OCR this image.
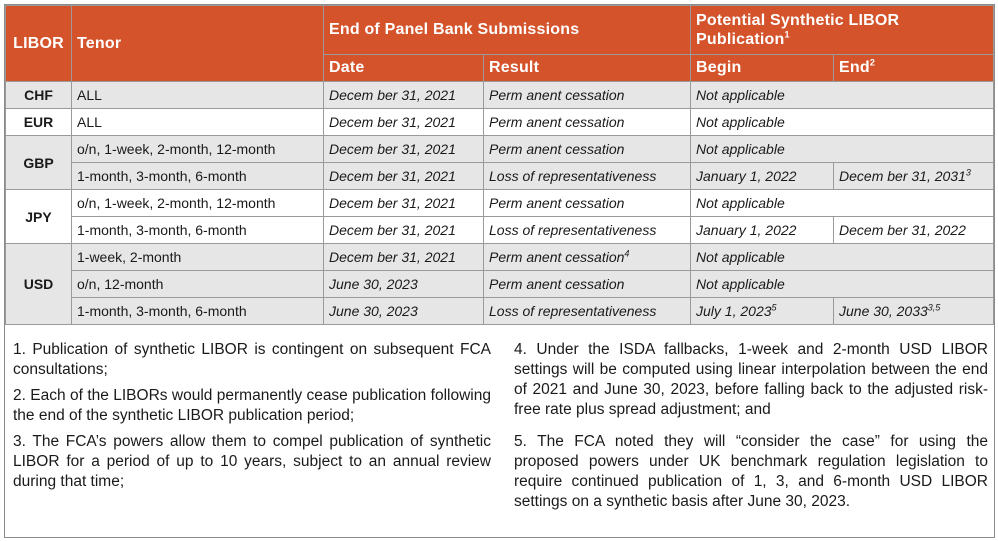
LIBOR	Tenor	End of Panel Bank Submissions		Potential Synthetic LIBOR Publication$^1$
		Date	Result	Begin	End$^2$
CHF	ALL	Decem ber 31, 2021	Perm anent cessation	Not applicable	
EUR	ALL	Decem ber 31, 2021	Perm anent cessation	Not applicable	
GBP	o/n, 1-week, 2-month, 12-month	Decem ber 31, 2021	Perm anent cessation	Not applicable	
	1-month, 3-month, 6-month	Decem ber 31, 2021	Loss of representativeness	January 1, 2022	Decem ber 31, 2031$^3$
JPY	o/n, 1-week, 2-month, 12-month	Decem ber 31, 2021	Perm anent cessation	Not applicable	
	1-month, 3-month, 6-month	Decem ber 31, 2021	Loss of representativeness	January 1, 2022	Decem ber 31, 2022
USD	1-week, 2-month	Decem ber 31, 2021	Perm anent cessation$^4$	Not applicable	
	o/n, 12-month	June 30, 2023	Perm anent cessation	Not applicable	
	1-month, 3-month, 6-month	June 30, 2023	Loss of representativeness	July 1, 2023$^5$	June 30, 2033$^{3,5}$

1. Publication of synthetic LIBOR is contingent on subsequent FCA consultations;

2. Each of the LIBORs would permanently cease publication following the end of the synthetic LIBOR publication period;

3. The FCA’s powers allow them to compel publication of synthetic LIBOR for a period of up to 10 years, subject to an annual review during that time;

4. Under the ISDA fallbacks, 1-week and 2-month USD LIBOR settings will be computed using linear interpolation between the end of 2021 and June 30, 2023, before falling back to the adjusted risk-free rate plus spread adjustment; and

5. The FCA noted they will “consider the case” for using the proposed powers under UK benchmark regulation legislation to require continued publication of 1, 3, and 6-month USD LIBOR settings on a synthetic basis after June 30, 2023.
